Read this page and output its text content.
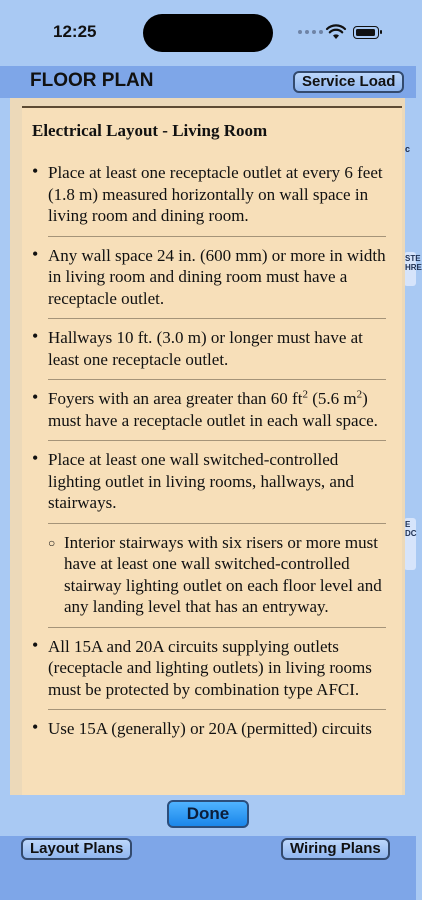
12:25
FLOOR PLAN	Service Load
c
STE HRE
E DC
Electrical Layout - Living Room
• Place at least one receptacle outlet at every 6 feet (1.8 m) measured horizontally on wall space in living room and dining room.
• Any wall space 24 in. (600 mm) or more in width in living room and dining room must have a receptacle outlet.
• Hallways 10 ft. (3.0 m) or longer must have at least one receptacle outlet.
• Foyers with an area greater than 60 $ft^2$ (5.6 $m^2$) must have a receptacle outlet in each wall space.
• Place at least one wall switched-controlled lighting outlet in living rooms, hallways, and stairways.
○ Interior stairways with six risers or more must have at least one wall switched-controlled stairway lighting outlet on each floor level and any landing level that has an entryway.
• All 15A and 20A circuits supplying outlets (receptacle and lighting outlets) in living rooms must be protected by combination type AFCI.
• Use 15A (generally) or 20A (permitted) circuits
Done
Layout Plans	Wiring Plans
